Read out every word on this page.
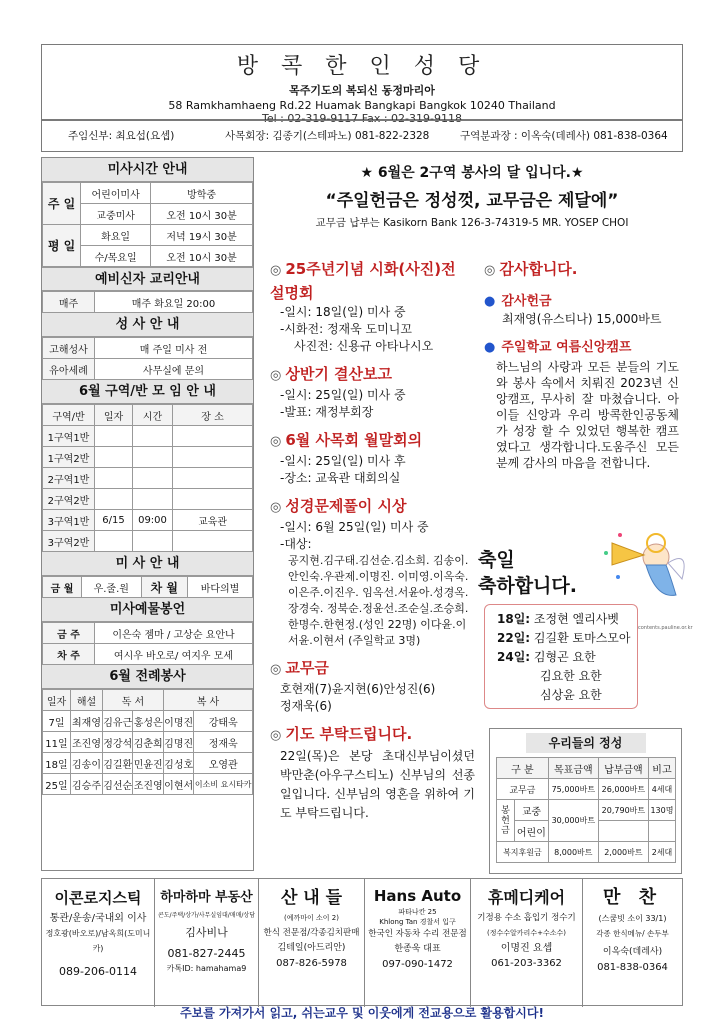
방 콕 한 인 성 당
목주기도의 복되신 동정마리아
58 Ramkhamhaeng Rd.22 Huamak Bangkapi Bangkok 10240 Thailand
Tel : 02-319-9117 Fax : 02-319-9118
주임신부: 최요섭(요셉)	사목회장: 김종기(스테파노) 081-822-2328	구역분과장 : 이옥숙(데레사) 081-838-0364
미사시간 안내
주 일	어린이미사	방학중
	교중미사	오전 10시 30분
평 일	화요일	저녁 19시 30분
	수/목요일	오전 10시 30분
예비신자 교리안내
매주	매주 화요일 20:00
성 사 안 내
고해성사	매 주일 미사 전
유아세례	사무실에 문의
6월 구역/반 모 임 안 내
구역/반	일자	시간	장 소
1구역1반			
1구역2반			
2구역1반			
2구역2반			
3구역1반	6/15	09:00	교육관
3구역2반			
미 사 안 내
금 월	우.줄.원	차 월	바다의별
미사예물봉언
금 주	이은숙 젬마 / 고상순 요안나
차 주	여시우 바오로/ 여지우 모세
6월 전례봉사
일자	해설	독 서		복 사	
7일	최재영	김유근	홍성은	이명진	강태욱
11일	조진영	정강석	김춘희	김명진	정재욱
18일	김송이	김길환	민윤진	김성호	오영관
25일	김승주	김선순	조진영	이현서	이소비 요시타카
★ 6월은 2구역 봉사의 달 입니다.★
“주일헌금은 정성껏, 교무금은 제달에”
교무금 납부는 Kasikorn Bank 126-3-74319-5 MR. YOSEP CHOI
◎ 25주년기념 시화(사진)전 설명회
-일시: 18일(일) 미사 중
-시화전: 정재욱 도미니꼬
사진전: 신용규 아타나시오
◎ 상반기 결산보고
-일시: 25일(일) 미사 중
-발표: 재정부회장
◎ 6월 사목회 월말회의
-일시: 25일(일) 미사 후
-장소: 교육관 대회의실
◎ 성경문제풀이 시상
-일시: 6월 25일(일) 미사 중
-대상:
공지현.김구태.김선순.김소희. 김송이.안인숙.우관제.이명진. 이미영.이옥숙.이은주.이진우. 임옥선.서윤아.성경옥.장경숙. 정북순.정윤선.조순실.조승희. 한명수.한현정.(성인 22명) 이다윤.이서윤.이현서 (주일학교 3명)
◎ 교무금
호현재(7)윤지현(6)안성진(6)
정재욱(6)
◎ 기도 부탁드립니다.
22일(목)은 본당 초대신부님이셨던 박만춘(아우구스티노) 신부님의 선종일입니다. 신부님의 영혼을 위하여 기도 부탁드립니다.
◎ 감사합니다.
● 감사헌금
최재영(유스티나) 15,000바트
● 주일학교 여름신앙캠프
하느님의 사랑과 모든 분들의 기도와 봉사 속에서 치뤄진 2023년 신앙캠프, 무사히 잘 마쳤습니다. 아이들 신앙과 우리 방콕한인공동체가 성장 할 수 있었던 행복한 캠프였다고 생각합니다.도움주신 모든분께 감사의 마음을 전합니다.
축일
축하합니다.
contents.pauline.or.kr
18일: 조정현 엘리사벳
22일: 김길환 토마스모아
24일: 김형곤 요한
김요한 요한
심상윤 요한
우리들의 정성
구 분		목표금액	납부금액	비고
교무금		75,000바트	26,000바트	4세대
봉헌금	교중	30,000바트	20,790바트	130명
	어린이			
복지후원금		8,000바트	2,000바트	2세대
이콘로지스틱
통관/운송/국내외 이사
정호광(바오로)/남옥희(도미니카)
089-206-0114
하마하마 부동산
콘도/주택/상가/사무실임대/매매/상담
김사비나
081-827-2445
카톡ID: hamahama9
산 내 들
(예까마이 소이 2)
한식 전문점/각종김치판매
김테일(아드리안)
087-826-5978
Hans Auto
파타나칸 25
Khlong Tan 경찰서 입구
한국인 자동차 수리 전문점
한종욱 대표
097-090-1472
휴메디케어
기정용 수소 흡입기 정수기
(정수수알카리수+수소수)
이명진 요셉
061-203-3362
만 찬
(스쿰빗 소이 33/1)
각종 한식메뉴/ 손두부
이옥숙(데레사)
081-838-0364
주보를 가져가서 읽고, 쉬는교우 및 이웃에게 전교용으로 활용합시다!
